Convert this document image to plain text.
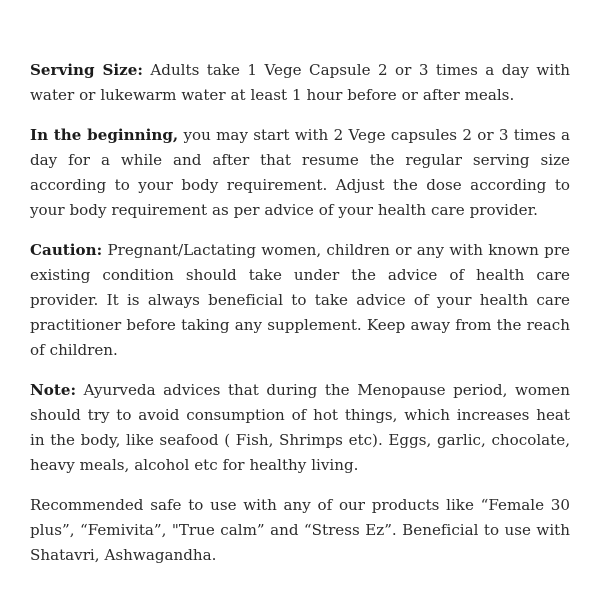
Serving Size: Adults take 1 Vege Capsule 2 or 3 times a day with water or lukewarm water at least 1 hour before or after meals.

In the beginning, you may start with 2 Vege capsules 2 or 3 times a day for a while and after that resume the regular serving size according to your body requirement. Adjust the dose according to your body requirement as per advice of your health care provider.

Caution: Pregnant/Lactating women, children or any with known pre existing condition should take under the advice of health care provider. It is always beneficial to take advice of your health care practitioner before taking any supplement. Keep away from the reach of children.

Note: Ayurveda advices that during the Menopause period, women should try to avoid consumption of hot things, which increases heat in the body, like seafood ( Fish, Shrimps etc). Eggs, garlic, chocolate, heavy meals, alcohol etc for healthy living.

Recommended safe to use with any of our products like “Female 30 plus”, “Femivita”, "True calm” and “Stress Ez”. Beneficial to use with Shatavri, Ashwagandha.
